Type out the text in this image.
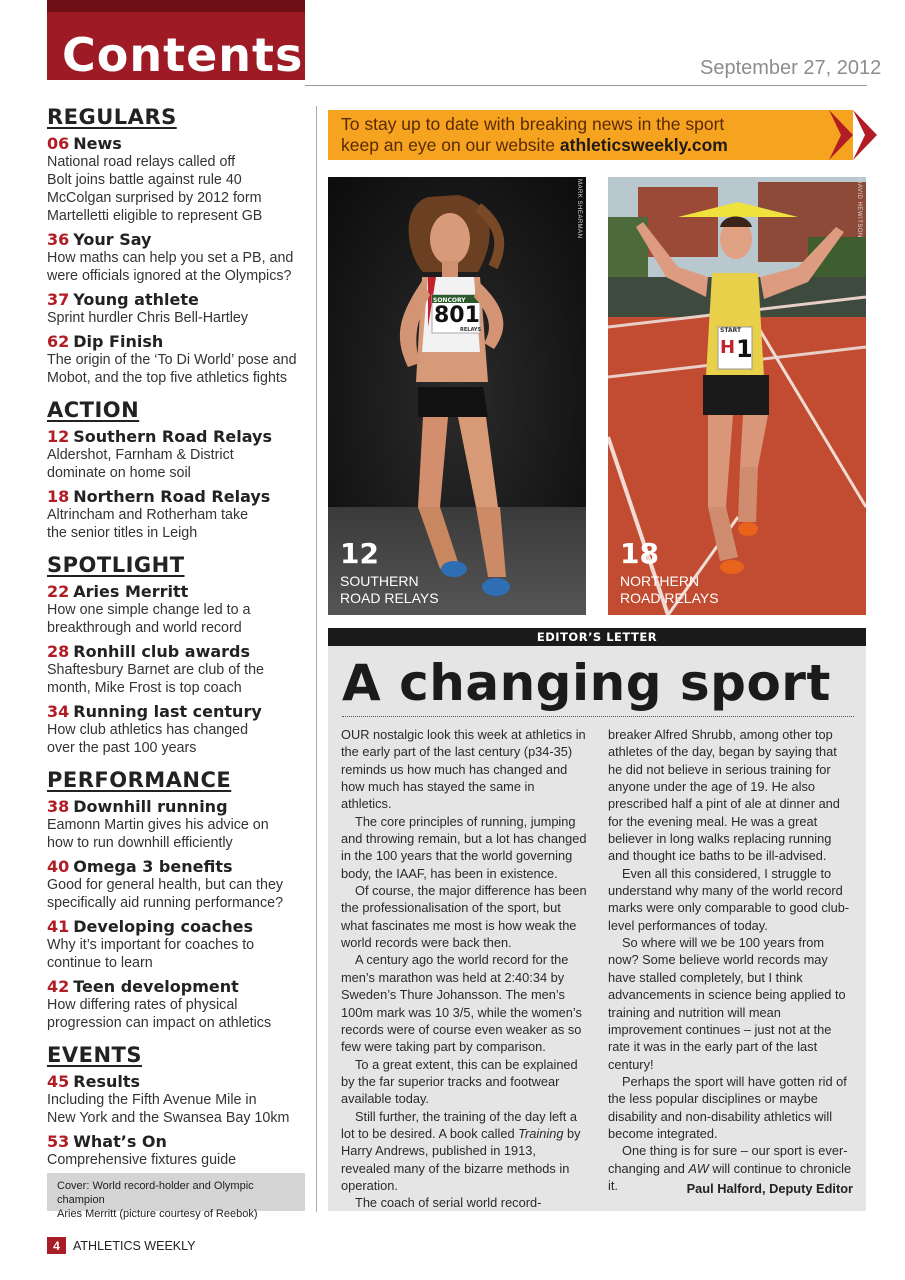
Contents	September 27, 2012
REGULARS
06 News
National road relays called off
Bolt joins battle against rule 40
McColgan surprised by 2012 form
Martelletti eligible to represent GB
36 Your Say
How maths can help you set a PB, and
were officials ignored at the Olympics?
37 Young athlete
Sprint hurdler Chris Bell-Hartley
62 Dip Finish
The origin of the ‘To Di World’ pose and
Mobot, and the top five athletics fights
ACTION
12 Southern Road Relays
Aldershot, Farnham & District
dominate on home soil
18 Northern Road Relays
Altrincham and Rotherham take
the senior titles in Leigh
SPOTLIGHT
22 Aries Merritt
How one simple change led to a
breakthrough and world record
28 Ronhill club awards
Shaftesbury Barnet are club of the
month, Mike Frost is top coach
34 Running last century
How club athletics has changed
over the past 100 years
PERFORMANCE
38 Downhill running
Eamonn Martin gives his advice on
how to run downhill efficiently
40 Omega 3 benefits
Good for general health, but can they
specifically aid running performance?
41 Developing coaches
Why it’s important for coaches to
continue to learn
42 Teen development
How differing rates of physical
progression can impact on athletics
EVENTS
45 Results
Including the Fifth Avenue Mile in
New York and the Swansea Bay 10km
53 What’s On
Comprehensive fixtures guide
Cover: World record-holder and Olympic champion
Aries Merritt (picture courtesy of Reebok)
To stay up to date with breaking news in the sport
keep an eye on our website athleticsweekly.com
MARK SHEARMAN
SONCORY
801
RELAYS
12
SOUTHERN
ROAD RELAYS
DAVID HEWITSON
START
H 1
18
NORTHERN
ROAD RELAYS
EDITOR’S LETTER
A changing sport

OUR nostalgic look this week at athletics in the early part of the last century (p34-35) reminds us how much has changed and how much has stayed the same in athletics.

The core principles of running, jumping and throwing remain, but a lot has changed in the 100 years that the world governing body, the IAAF, has been in existence.

Of course, the major difference has been the professionalisation of the sport, but what fascinates me most is how weak the world records were back then.

A century ago the world record for the men’s marathon was held at 2:40:34 by Sweden’s Thure Johansson. The men’s 100m mark was 10 3/5, while the women’s records were of course even weaker as so few were taking part by comparison.

To a great extent, this can be explained by the far superior tracks and footwear available today.

Still further, the training of the day left a lot to be desired. A book called Training by Harry Andrews, published in 1913, revealed many of the bizarre methods in operation.

The coach of serial world record-

breaker Alfred Shrubb, among other top athletes of the day, began by saying that he did not believe in serious training for anyone under the age of 19. He also prescribed half a pint of ale at dinner and for the evening meal. He was a great believer in long walks replacing running and thought ice baths to be ill-advised.

Even all this considered, I struggle to understand why many of the world record marks were only comparable to good club-level performances of today.

So where will we be 100 years from now? Some believe world records may have stalled completely, but I think advancements in science being applied to training and nutrition will mean improvement continues – just not at the rate it was in the early part of the last century!

Perhaps the sport will have gotten rid of the less popular disciplines or maybe disability and non-disability athletics will become integrated.

One thing is for sure – our sport is ever-changing and AW will continue to chronicle it.	Paul Halford, Deputy Editor
4	ATHLETICS WEEKLY
